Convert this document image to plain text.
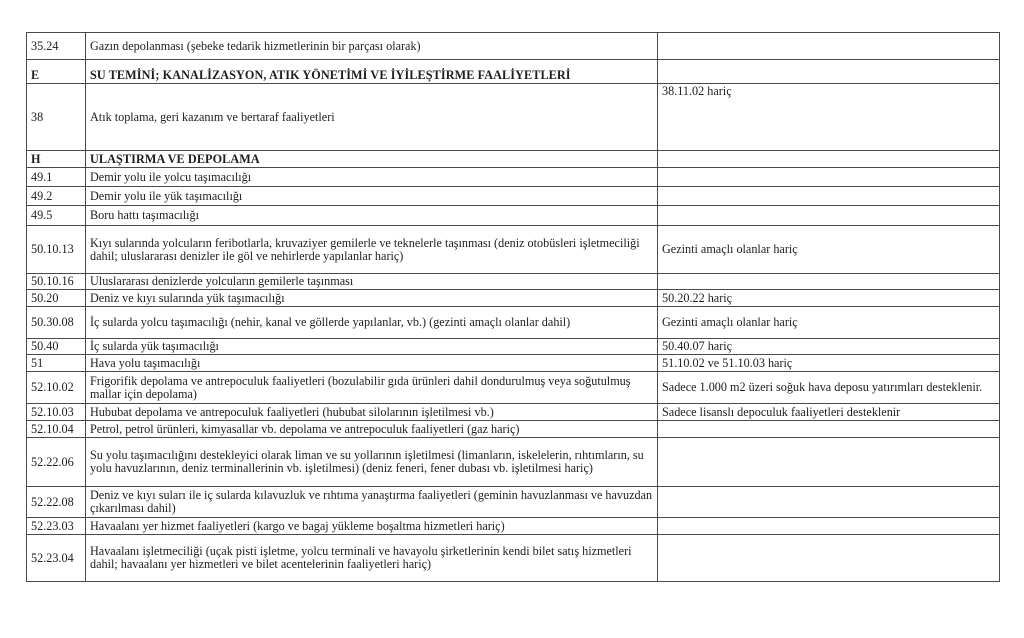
35.24	Gazın depolanması (şebeke tedarik hizmetlerinin bir parçası olarak)	
E	SU TEMİNİ; KANALİZASYON, ATIK YÖNETİMİ VE İYİLEŞTİRME FAALİYETLERİ	
38	Atık toplama, geri kazanım ve bertaraf faaliyetleri	38.11.02 hariç
H	ULAŞTIRMA VE DEPOLAMA	
49.1	Demir yolu ile yolcu taşımacılığı	
49.2	Demir yolu ile yük taşımacılığı	
49.5	Boru hattı taşımacılığı	
50.10.13	Kıyı sularında yolcuların feribotlarla, kruvaziyer gemilerle ve teknelerle taşınması (deniz otobüsleri işletmeciliği dahil; uluslararası denizler ile göl ve nehirlerde yapılanlar hariç)	Gezinti amaçlı olanlar hariç
50.10.16	Uluslararası denizlerde yolcuların gemilerle taşınması	
50.20	Deniz ve kıyı sularında yük taşımacılığı	50.20.22 hariç
50.30.08	İç sularda yolcu taşımacılığı (nehir, kanal ve göllerde yapılanlar, vb.) (gezinti amaçlı olanlar dahil)	Gezinti amaçlı olanlar hariç
50.40	İç sularda yük taşımacılığı	50.40.07 hariç
51	Hava yolu taşımacılığı	51.10.02 ve 51.10.03 hariç
52.10.02	Frigorifik depolama ve antrepoculuk faaliyetleri (bozulabilir gıda ürünleri dahil dondurulmuş veya soğutulmuş mallar için depolama)	Sadece 1.000 m2 üzeri soğuk hava deposu yatırımları desteklenir.
52.10.03	Hububat depolama ve antrepoculuk faaliyetleri (hububat silolarının işletilmesi vb.)	Sadece lisanslı depoculuk faaliyetleri desteklenir
52.10.04	Petrol, petrol ürünleri, kimyasallar vb. depolama ve antrepoculuk faaliyetleri (gaz hariç)	
52.22.06	Su yolu taşımacılığını destekleyici olarak liman ve su yollarının işletilmesi (limanların, iskelelerin, rıhtımların, su yolu havuzlarının, deniz terminallerinin vb. işletilmesi) (deniz feneri, fener dubası vb. işletilmesi hariç)	
52.22.08	Deniz ve kıyı suları ile iç sularda kılavuzluk ve rıhtıma yanaştırma faaliyetleri (geminin havuzlanması ve havuzdan çıkarılması dahil)	
52.23.03	Havaalanı yer hizmet faaliyetleri (kargo ve bagaj yükleme boşaltma hizmetleri hariç)	
52.23.04	Havaalanı işletmeciliği (uçak pisti işletme, yolcu terminali ve havayolu şirketlerinin kendi bilet satış hizmetleri dahil; havaalanı yer hizmetleri ve bilet acentelerinin faaliyetleri hariç)	
